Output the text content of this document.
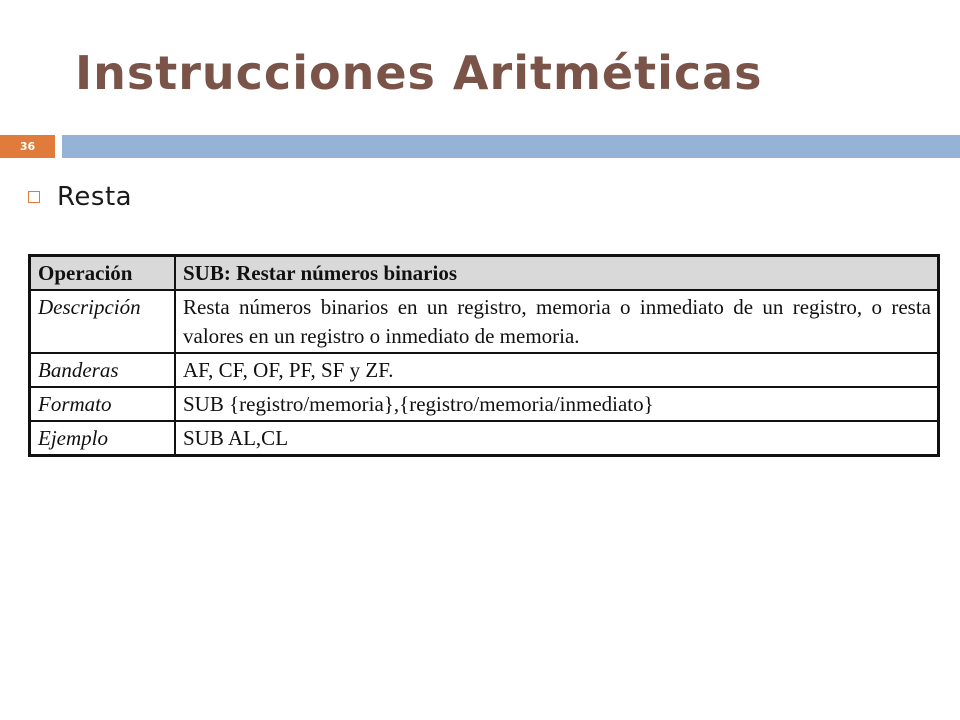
Instrucciones Aritméticas
36
Resta
Operación	SUB: Restar números binarios
Descripción	Resta números binarios en un registro, memoria o inmediato de un registro, o resta valores en un registro o inmediato de memoria.
Banderas	AF, CF, OF, PF, SF y ZF.
Formato	SUB {registro/memoria},{registro/memoria/inmediato}
Ejemplo	SUB AL,CL
